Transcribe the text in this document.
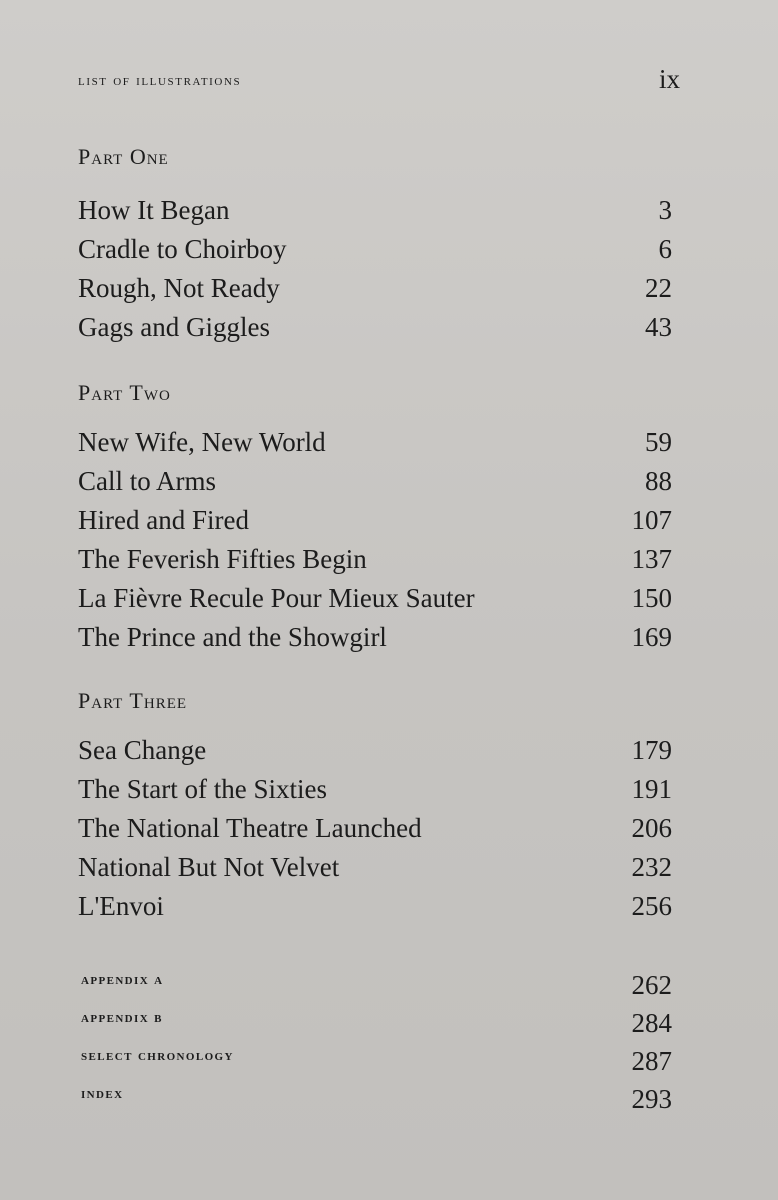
list of illustrations	ix
Part One
How It Began	3
Cradle to Choirboy	6
Rough, Not Ready	22
Gags and Giggles	43
Part Two
New Wife, New World	59
Call to Arms	88
Hired and Fired	107
The Feverish Fifties Begin	137
La Fièvre Recule Pour Mieux Sauter	150
The Prince and the Showgirl	169
Part Three
Sea Change	179
The Start of the Sixties	191
The National Theatre Launched	206
National But Not Velvet	232
L'Envoi	256
appendix a	262
appendix b	284
select chronology	287
index	293
